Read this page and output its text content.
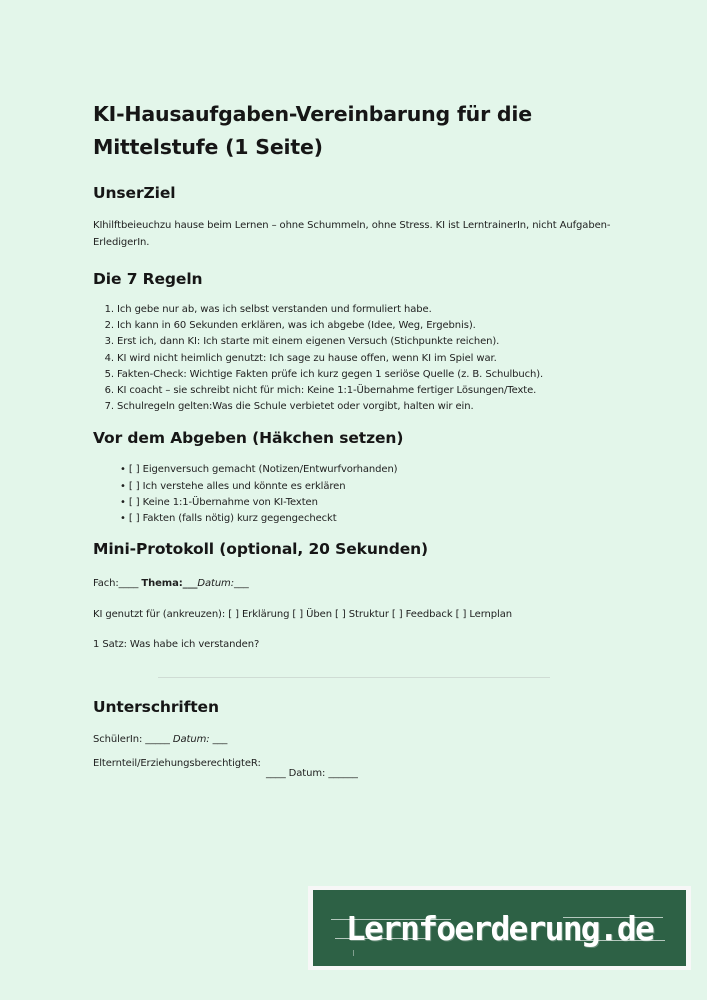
KI-Hausaufgaben-Vereinbarung für die Mittelstufe (1 Seite)
UnserZiel
KIhilftbeieuchzu hause beim Lernen – ohne Schummeln, ohne Stress. KI ist LerntrainerIn, nicht Aufgaben-ErledigerIn.
Die 7 Regeln
1. Ich gebe nur ab, was ich selbst verstanden und formuliert habe.
2. Ich kann in 60 Sekunden erklären, was ich abgebe (Idee, Weg, Ergebnis).
3. Erst ich, dann KI: Ich starte mit einem eigenen Versuch (Stichpunkte reichen).
4. KI wird nicht heimlich genutzt: Ich sage zu hause offen, wenn KI im Spiel war.
5. Fakten-Check: Wichtige Fakten prüfe ich kurz gegen 1 seriöse Quelle (z. B. Schulbuch).
6. KI coacht – sie schreibt nicht für mich: Keine 1:1-Übernahme fertiger Lösungen/Texte.
7. Schulregeln gelten:Was die Schule verbietet oder vorgibt, halten wir ein.
Vor dem Abgeben (Häkchen setzen)
• [ ] Eigenversuch gemacht (Notizen/Entwurfvorhanden)
• [ ] Ich verstehe alles und könnte es erklären
• [ ] Keine 1:1-Übernahme von KI-Texten
• [ ] Fakten (falls nötig) kurz gegengecheckt
Mini-Protokoll (optional, 20 Sekunden)
Fach:____ Thema:___Datum:___
KI genutzt für (ankreuzen): [ ] Erklärung [ ] Üben [ ] Struktur [ ] Feedback [ ] Lernplan
1 Satz: Was habe ich verstanden?
Unterschriften
SchülerIn: _____ Datum: ___
Elternteil/ErziehungsberechtigteR:
____ Datum: ______
Lernfoerderung.de
